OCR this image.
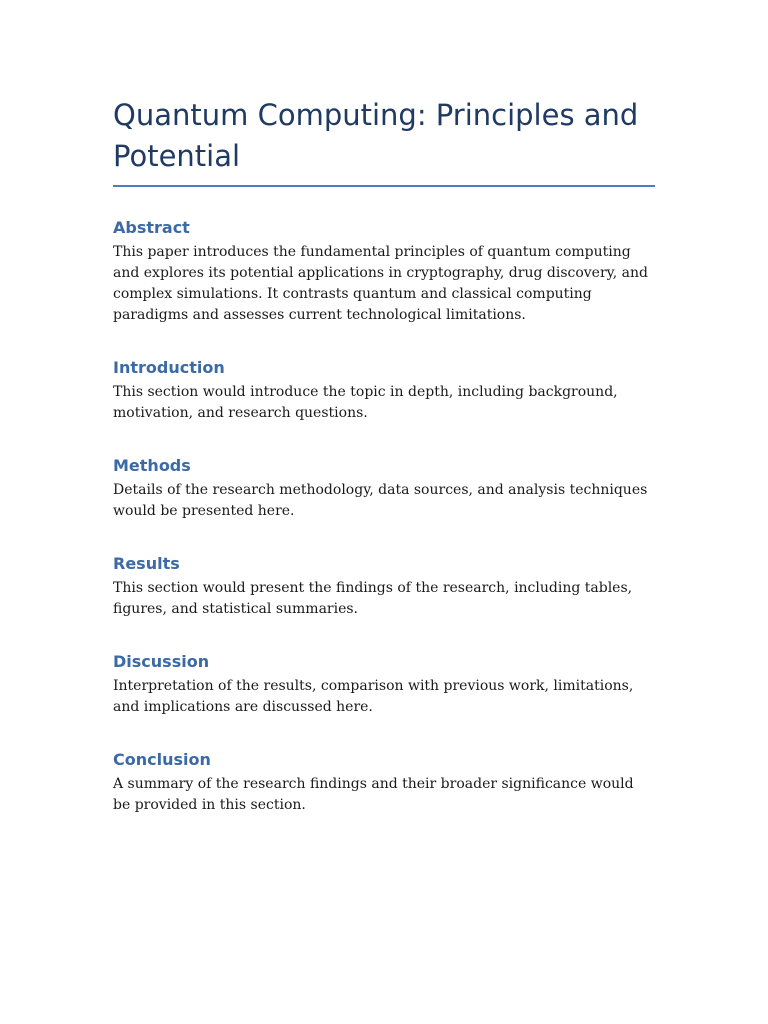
Quantum Computing: Principles and Potential
Abstract

This paper introduces the fundamental principles of quantum computing and explores its potential applications in cryptography, drug discovery, and complex simulations. It contrasts quantum and classical computing paradigms and assesses current technological limitations.

Introduction

This section would introduce the topic in depth, including background, motivation, and research questions.

Methods

Details of the research methodology, data sources, and analysis techniques would be presented here.

Results

This section would present the findings of the research, including tables, figures, and statistical summaries.

Discussion

Interpretation of the results, comparison with previous work, limitations, and implications are discussed here.

Conclusion

A summary of the research findings and their broader significance would be provided in this section.
